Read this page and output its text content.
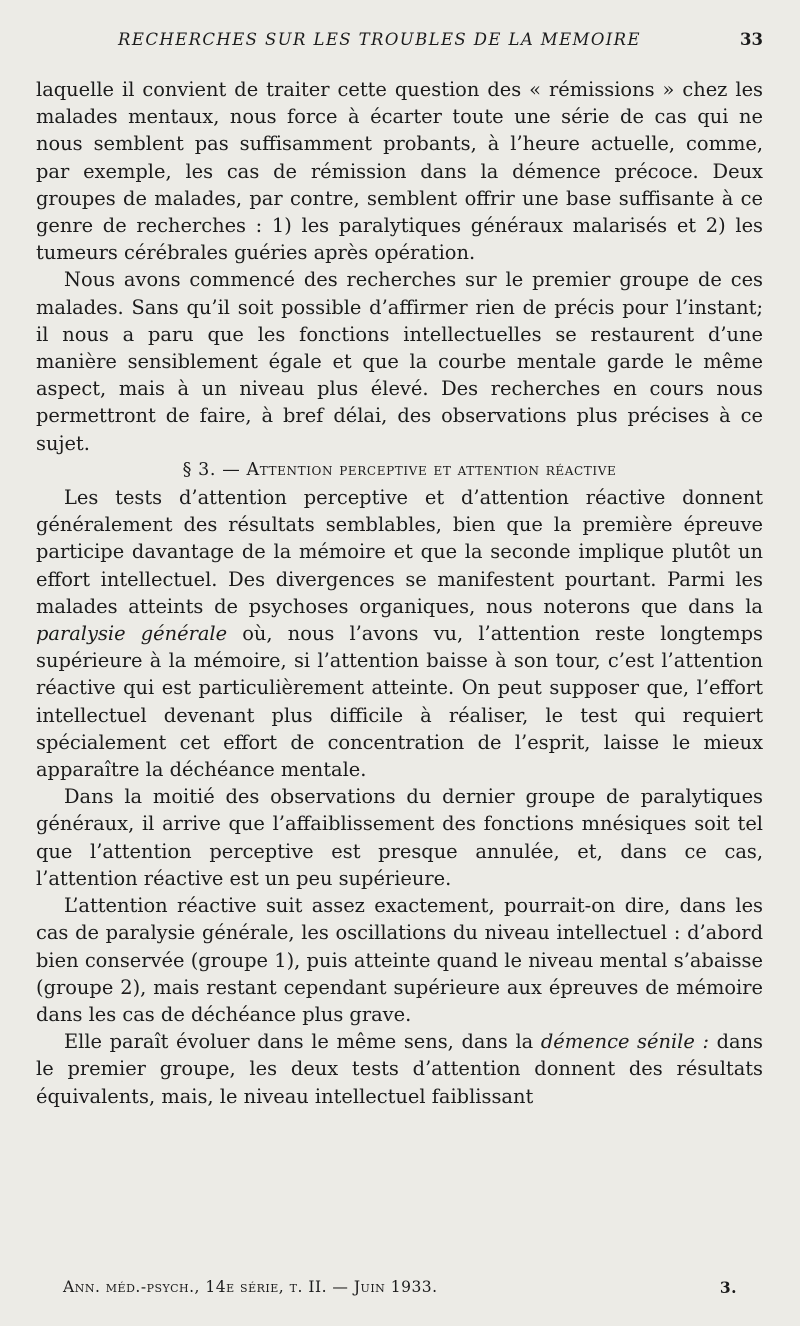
RECHERCHES SUR LES TROUBLES DE LA MEMOIRE	33

laquelle il convient de traiter cette question des « rémissions » chez les malades mentaux, nous force à écarter toute une série de cas qui ne nous semblent pas suffisamment probants, à l’heure actuelle, comme, par exemple, les cas de rémission dans la démence précoce. Deux groupes de malades, par contre, semblent offrir une base suffisante à ce genre de recherches : 1) les paralytiques généraux malarisés et 2) les tumeurs cérébrales guéries après opération.

Nous avons commencé des recherches sur le premier groupe de ces malades. Sans qu’il soit possible d’affirmer rien de précis pour l’instant; il nous a paru que les fonctions intellectuelles se restaurent d’une manière sensiblement égale et que la courbe mentale garde le même aspect, mais à un niveau plus élevé. Des recherches en cours nous permettront de faire, à bref délai, des observations plus précises à ce sujet.

§ 3. — Attention perceptive et attention réactive

Les tests d’attention perceptive et d’attention réactive donnent généralement des résultats semblables, bien que la première épreuve participe davantage de la mémoire et que la seconde implique plutôt un effort intellectuel. Des divergences se manifestent pourtant. Parmi les malades atteints de psychoses organiques, nous noterons que dans la paralysie générale où, nous l’avons vu, l’attention reste longtemps supérieure à la mémoire, si l’attention baisse à son tour, c’est l’attention réactive qui est particulièrement atteinte. On peut supposer que, l’effort intellectuel devenant plus difficile à réaliser, le test qui requiert spécialement cet effort de concentration de l’esprit, laisse le mieux apparaître la déchéance mentale.

Dans la moitié des observations du dernier groupe de paralytiques généraux, il arrive que l’affaiblissement des fonctions mnésiques soit tel que l’attention perceptive est presque annulée, et, dans ce cas, l’attention réactive est un peu supérieure.

L’attention réactive suit assez exactement, pourrait-on dire, dans les cas de paralysie générale, les oscillations du niveau intellectuel : d’abord bien conservée (groupe 1), puis atteinte quand le niveau mental s’abaisse (groupe 2), mais restant cependant supérieure aux épreuves de mémoire dans les cas de déchéance plus grave.

Elle paraît évoluer dans le même sens, dans la démence sénile : dans le premier groupe, les deux tests d’attention donnent des résultats équivalents, mais, le niveau intellectuel faiblissant

Ann. méd.-psych., 14e série, t. II. — Juin 1933.	3.
